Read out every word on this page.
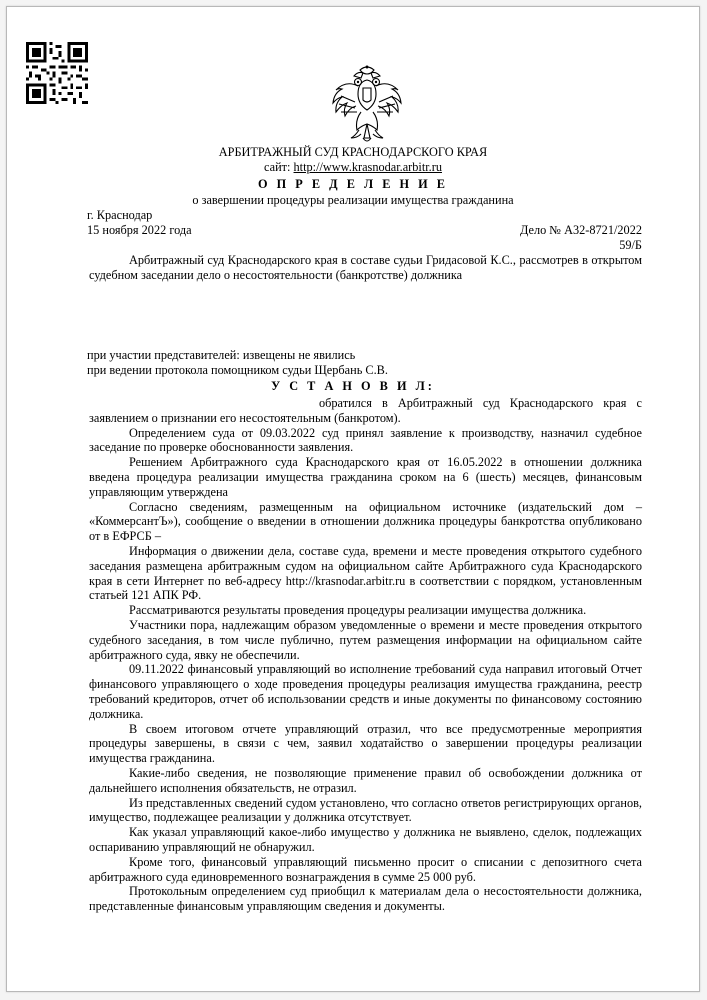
АРБИТРАЖНЫЙ СУД КРАСНОДАРСКОГО КРАЯ
сайт: http://www.krasnodar.arbitr.ru
О П Р Е Д Е Л Е Н И Е
о завершении процедуры реализации имущества гражданина
г. Краснодар
15 ноября 2022 года	Дело № А32-8721/2022
59/Б

Арбитражный суд Краснодарского края в составе судьи Гридасовой К.С., рассмотрев в открытом судебном заседании дело о несостоятельности (банкротстве) должника

при участии представителей: извещены не явились
при ведении протокола помощником судьи Щербань С.В.
У С Т А Н О В И Л:

обратился в Арбитражный суд Краснодарского края с заявлением о признании его несостоятельным (банкротом).

Определением суда от 09.03.2022 суд принял заявление к производству, назначил судебное заседание по проверке обоснованности заявления.

Решением Арбитражного суда Краснодарского края от 16.05.2022 в отношении должника введена процедура реализации имущества гражданина сроком на 6 (шесть) месяцев, финансовым управляющим утверждена

Согласно сведениям, размещенным на официальном источнике (издательский дом – «КоммерсантЪ»), сообщение о введении в отношении должника процедуры банкротства опубликовано от в ЕФРСБ –

Информация о движении дела, составе суда, времени и месте проведения открытого судебного заседания размещена арбитражным судом на официальном сайте Арбитражного суда Краснодарского края в сети Интернет по веб-адресу http://krasnodar.arbitr.ru в соответствии с порядком, установленным статьей 121 АПК РФ.

Рассматриваются результаты проведения процедуры реализации имущества должника.

Участники пора, надлежащим образом уведомленные о времени и месте проведения открытого судебного заседания, в том числе публично, путем размещения информации на официальном сайте арбитражного суда, явку не обеспечили.

09.11.2022 финансовый управляющий во исполнение требований суда направил итоговый Отчет финансового управляющего о ходе проведения процедуры реализация имущества гражданина, реестр требований кредиторов, отчет об использовании средств и иные документы по финансовому состоянию должника.

В своем итоговом отчете управляющий отразил, что все предусмотренные мероприятия процедуры завершены, в связи с чем, заявил ходатайство о завершении процедуры реализации имущества гражданина.

Какие-либо сведения, не позволяющие применение правил об освобождении должника от дальнейшего исполнения обязательств, не отразил.

Из представленных сведений судом установлено, что согласно ответов регистрирующих органов, имущество, подлежащее реализации у должника отсутствует.

Как указал управляющий какое-либо имущество у должника не выявлено, сделок, подлежащих оспариванию управляющий не обнаружил.

Кроме того, финансовый управляющий письменно просит о списании с депозитного счета арбитражного суда единовременного вознаграждения в сумме 25 000 руб.

Протокольным определением суд приобщил к материалам дела о несостоятельности должника, представленные финансовым управляющим сведения и документы.
